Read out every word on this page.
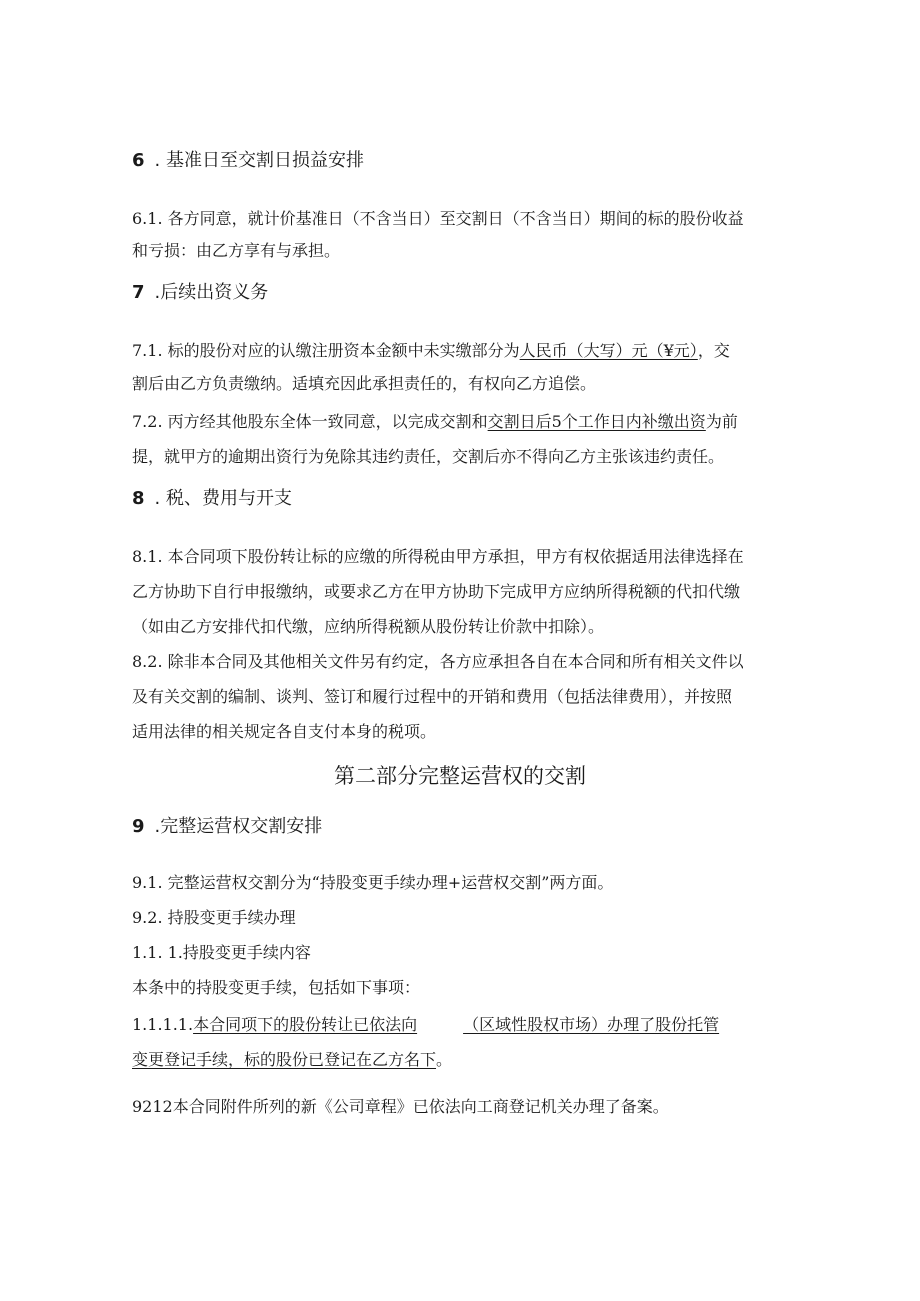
6 . 基准日至交割日损益安排
6.1. 各方同意，就计价基准日（不含当日）至交割日（不含当日）期间的标的股份收益
和亏损：由乙方享有与承担。
7 .后续出资义务
7.1. 标的股份对应的认缴注册资本金额中未实缴部分为人民币（大写）元（¥元），交
割后由乙方负责缴纳。适填充因此承担责任的，有权向乙方追偿。
7.2. 丙方经其他股东全体一致同意，以完成交割和交割日后5个工作日内补缴出资为前
提，就甲方的逾期出资行为免除其违约责任，交割后亦不得向乙方主张该违约责任。
8 . 税、费用与开支
8.1. 本合同项下股份转让标的应缴的所得税由甲方承担，甲方有权依据适用法律选择在
乙方协助下自行申报缴纳，或要求乙方在甲方协助下完成甲方应纳所得税额的代扣代缴
（如由乙方安排代扣代缴，应纳所得税额从股份转让价款中扣除）。
8.2. 除非本合同及其他相关文件另有约定，各方应承担各自在本合同和所有相关文件以
及有关交割的编制、谈判、签订和履行过程中的开销和费用（包括法律费用），并按照
适用法律的相关规定各自支付本身的税项。
第二部分完整运营权的交割
9 .完整运营权交割安排
9.1. 完整运营权交割分为“持股变更手续办理+运营权交割”两方面。
9.2. 持股变更手续办理
1.1. 1.持股变更手续内容
本条中的持股变更手续，包括如下事项：
1.1.1.1.本合同项下的股份转让已依法向	（区域性股权市场）办理了股份托管
变更登记手续，标的股份已登记在乙方名下。
9212本合同附件所列的新《公司章程》已依法向工商登记机关办理了备案。
